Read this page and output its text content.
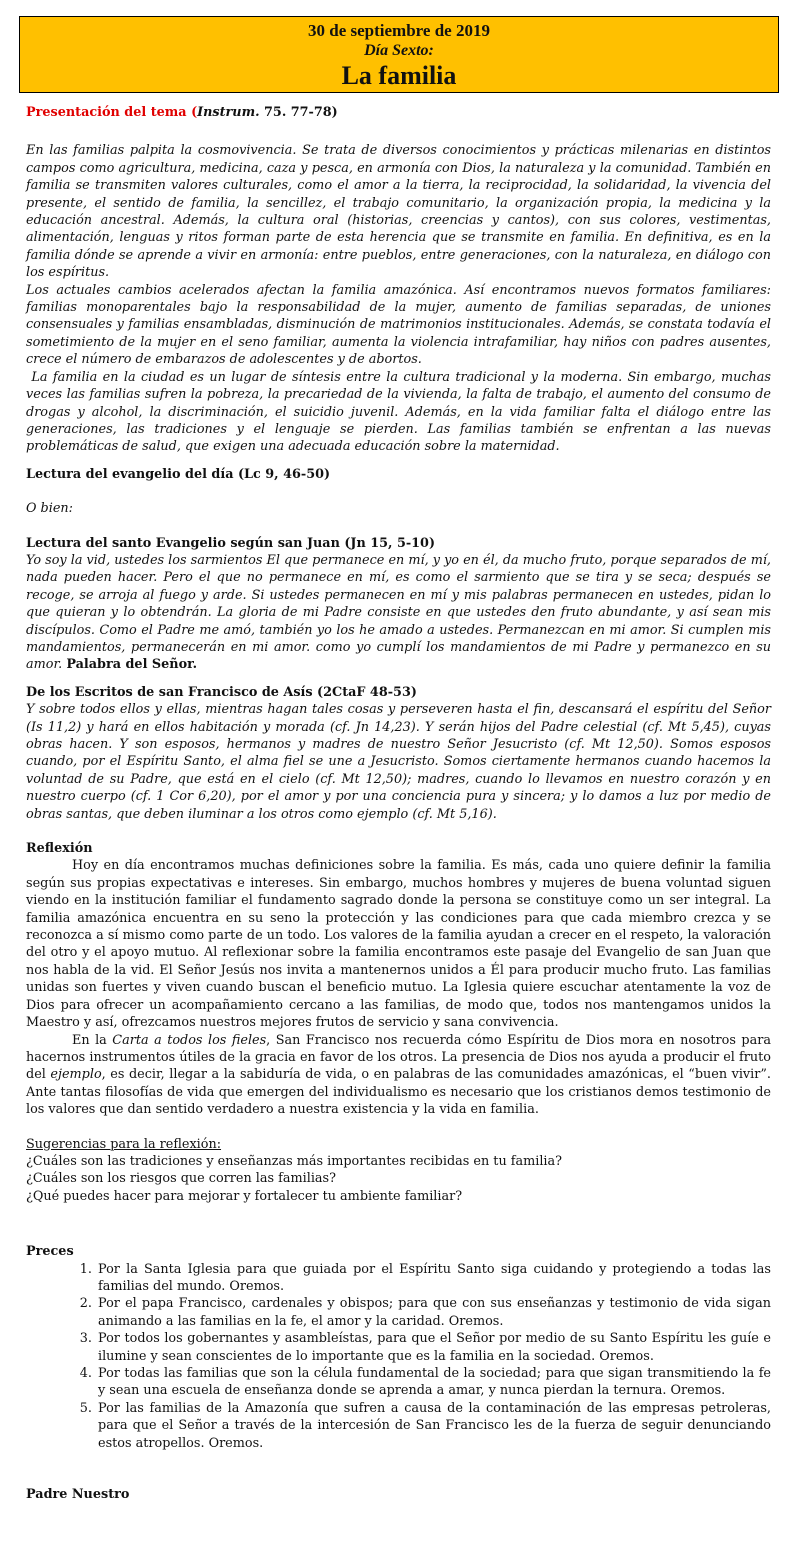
30 de septiembre de 2019
Día Sexto:
La familia

Presentación del tema (Instrum. 75. 77-78)

En las familias palpita la cosmovivencia. Se trata de diversos conocimientos y prácticas milenarias en distintos campos como agricultura, medicina, caza y pesca, en armonía con Dios, la naturaleza y la comunidad. También en familia se transmiten valores culturales, como el amor a la tierra, la reciprocidad, la solidaridad, la vivencia del presente, el sentido de familia, la sencillez, el trabajo comunitario, la organización propia, la medicina y la educación ancestral. Además, la cultura oral (historias, creencias y cantos), con sus colores, vestimentas, alimentación, lenguas y ritos forman parte de esta herencia que se transmite en familia. En definitiva, es en la familia dónde se aprende a vivir en armonía: entre pueblos, entre generaciones, con la naturaleza, en diálogo con los espíritus.

Los actuales cambios acelerados afectan la familia amazónica. Así encontramos nuevos formatos familiares: familias monoparentales bajo la responsabilidad de la mujer, aumento de familias separadas, de uniones consensuales y familias ensambladas, disminución de matrimonios institucionales. Además, se constata todavía el sometimiento de la mujer en el seno familiar, aumenta la violencia intrafamiliar, hay niños con padres ausentes, crece el número de embarazos de adolescentes y de abortos.

La familia en la ciudad es un lugar de síntesis entre la cultura tradicional y la moderna. Sin embargo, muchas veces las familias sufren la pobreza, la precariedad de la vivienda, la falta de trabajo, el aumento del consumo de drogas y alcohol, la discriminación, el suicidio juvenil. Además, en la vida familiar falta el diálogo entre las generaciones, las tradiciones y el lenguaje se pierden. Las familias también se enfrentan a las nuevas problemáticas de salud, que exigen una adecuada educación sobre la maternidad.

Lectura del evangelio del día (Lc 9, 46-50)

O bien:

Lectura del santo Evangelio según san Juan (Jn 15, 5-10)

Yo soy la vid, ustedes los sarmientos El que permanece en mí, y yo en él, da mucho fruto, porque separados de mí, nada pueden hacer. Pero el que no permanece en mí, es como el sarmiento que se tira y se seca; después se recoge, se arroja al fuego y arde. Si ustedes permanecen en mí y mis palabras permanecen en ustedes, pidan lo que quieran y lo obtendrán. La gloria de mi Padre consiste en que ustedes den fruto abundante, y así sean mis discípulos. Como el Padre me amó, también yo los he amado a ustedes. Permanezcan en mi amor. Si cumplen mis mandamientos, permanecerán en mi amor. como yo cumplí los mandamientos de mi Padre y permanezco en su amor. Palabra del Señor.

De los Escritos de san Francisco de Asís (2CtaF 48-53)

Y sobre todos ellos y ellas, mientras hagan tales cosas y perseveren hasta el fin, descansará el espíritu del Señor (Is 11,2) y hará en ellos habitación y morada (cf. Jn 14,23). Y serán hijos del Padre celestial (cf. Mt 5,45), cuyas obras hacen. Y son esposos, hermanos y madres de nuestro Señor Jesucristo (cf. Mt 12,50). Somos esposos cuando, por el Espíritu Santo, el alma fiel se une a Jesucristo. Somos ciertamente hermanos cuando hacemos la voluntad de su Padre, que está en el cielo (cf. Mt 12,50); madres, cuando lo llevamos en nuestro corazón y en nuestro cuerpo (cf. 1 Cor 6,20), por el amor y por una conciencia pura y sincera; y lo damos a luz por medio de obras santas, que deben iluminar a los otros como ejemplo (cf. Mt 5,16).

Reflexión

Hoy en día encontramos muchas definiciones sobre la familia. Es más, cada uno quiere definir la familia según sus propias expectativas e intereses. Sin embargo, muchos hombres y mujeres de buena voluntad siguen viendo en la institución familiar el fundamento sagrado donde la persona se constituye como un ser integral. La familia amazónica encuentra en su seno la protección y las condiciones para que cada miembro crezca y se reconozca a sí mismo como parte de un todo. Los valores de la familia ayudan a crecer en el respeto, la valoración del otro y el apoyo mutuo. Al reflexionar sobre la familia encontramos este pasaje del Evangelio de san Juan que nos habla de la vid. El Señor Jesús nos invita a mantenernos unidos a Él para producir mucho fruto. Las familias unidas son fuertes y viven cuando buscan el beneficio mutuo. La Iglesia quiere escuchar atentamente la voz de Dios para ofrecer un acompañamiento cercano a las familias, de modo que, todos nos mantengamos unidos la Maestro y así, ofrezcamos nuestros mejores frutos de servicio y sana convivencia.

En la Carta a todos los fieles, San Francisco nos recuerda cómo Espíritu de Dios mora en nosotros para hacernos instrumentos útiles de la gracia en favor de los otros. La presencia de Dios nos ayuda a producir el fruto del ejemplo, es decir, llegar a la sabiduría de vida, o en palabras de las comunidades amazónicas, el “buen vivir”. Ante tantas filosofías de vida que emergen del individualismo es necesario que los cristianos demos testimonio de los valores que dan sentido verdadero a nuestra existencia y la vida en familia.

Sugerencias para la reflexión:

¿Cuáles son las tradiciones y enseñanzas más importantes recibidas en tu familia?

¿Cuáles son los riesgos que corren las familias?

¿Qué puedes hacer para mejorar y fortalecer tu ambiente familiar?

Preces

1. Por la Santa Iglesia para que guiada por el Espíritu Santo siga cuidando y protegiendo a todas las familias del mundo. Oremos.
2. Por el papa Francisco, cardenales y obispos; para que con sus enseñanzas y testimonio de vida sigan animando a las familias en la fe, el amor y la caridad. Oremos.
3. Por todos los gobernantes y asambleístas, para que el Señor por medio de su Santo Espíritu les guíe e ilumine y sean conscientes de lo importante que es la familia en la sociedad. Oremos.
4. Por todas las familias que son la célula fundamental de la sociedad; para que sigan transmitiendo la fe y sean una escuela de enseñanza donde se aprenda a amar, y nunca pierdan la ternura. Oremos.
5. Por las familias de la Amazonía que sufren a causa de la contaminación de las empresas petroleras, para que el Señor a través de la intercesión de San Francisco les de la fuerza de seguir denunciando estos atropellos. Oremos.

Padre Nuestro
